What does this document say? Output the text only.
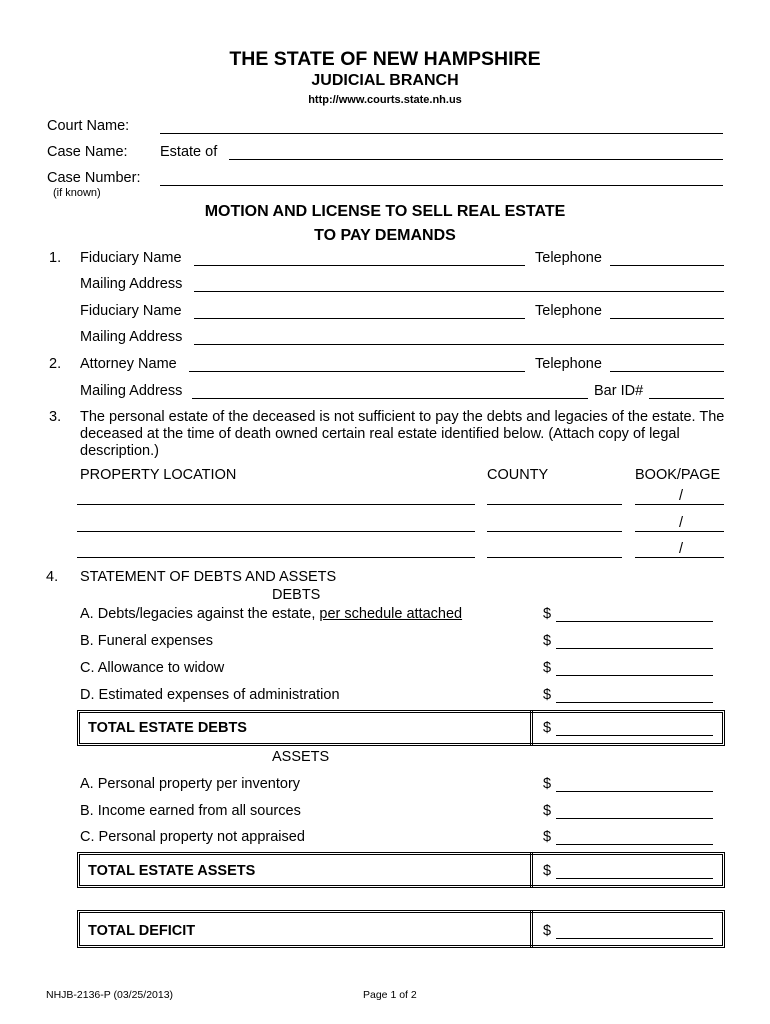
THE STATE OF NEW HAMPSHIRE
JUDICIAL BRANCH
http://www.courts.state.nh.us
Court Name:
Case Name: Estate of
Case Number:
(if known)
MOTION AND LICENSE TO SELL REAL ESTATE
TO PAY DEMANDS
1. Fiduciary Name	Telephone
Mailing Address
Fiduciary Name	Telephone
Mailing Address
2. Attorney Name	Telephone
Mailing Address	Bar ID#
3. The personal estate of the deceased is not sufficient to pay the debts and legacies of the estate. The deceased at the time of death owned certain real estate identified below. (Attach copy of legal description.)
PROPERTY LOCATION	COUNTY	BOOK/PAGE
/
/
/
4. STATEMENT OF DEBTS AND ASSETS
DEBTS
A. Debts/legacies against the estate, per schedule attached	$
B. Funeral expenses	$
C. Allowance to widow	$
D. Estimated expenses of administration	$
TOTAL ESTATE DEBTS	$
ASSETS
A. Personal property per inventory	$
B. Income earned from all sources	$
C. Personal property not appraised	$
TOTAL ESTATE ASSETS	$
TOTAL DEFICIT	$
NHJB-2136-P (03/25/2013)	Page 1 of 2
